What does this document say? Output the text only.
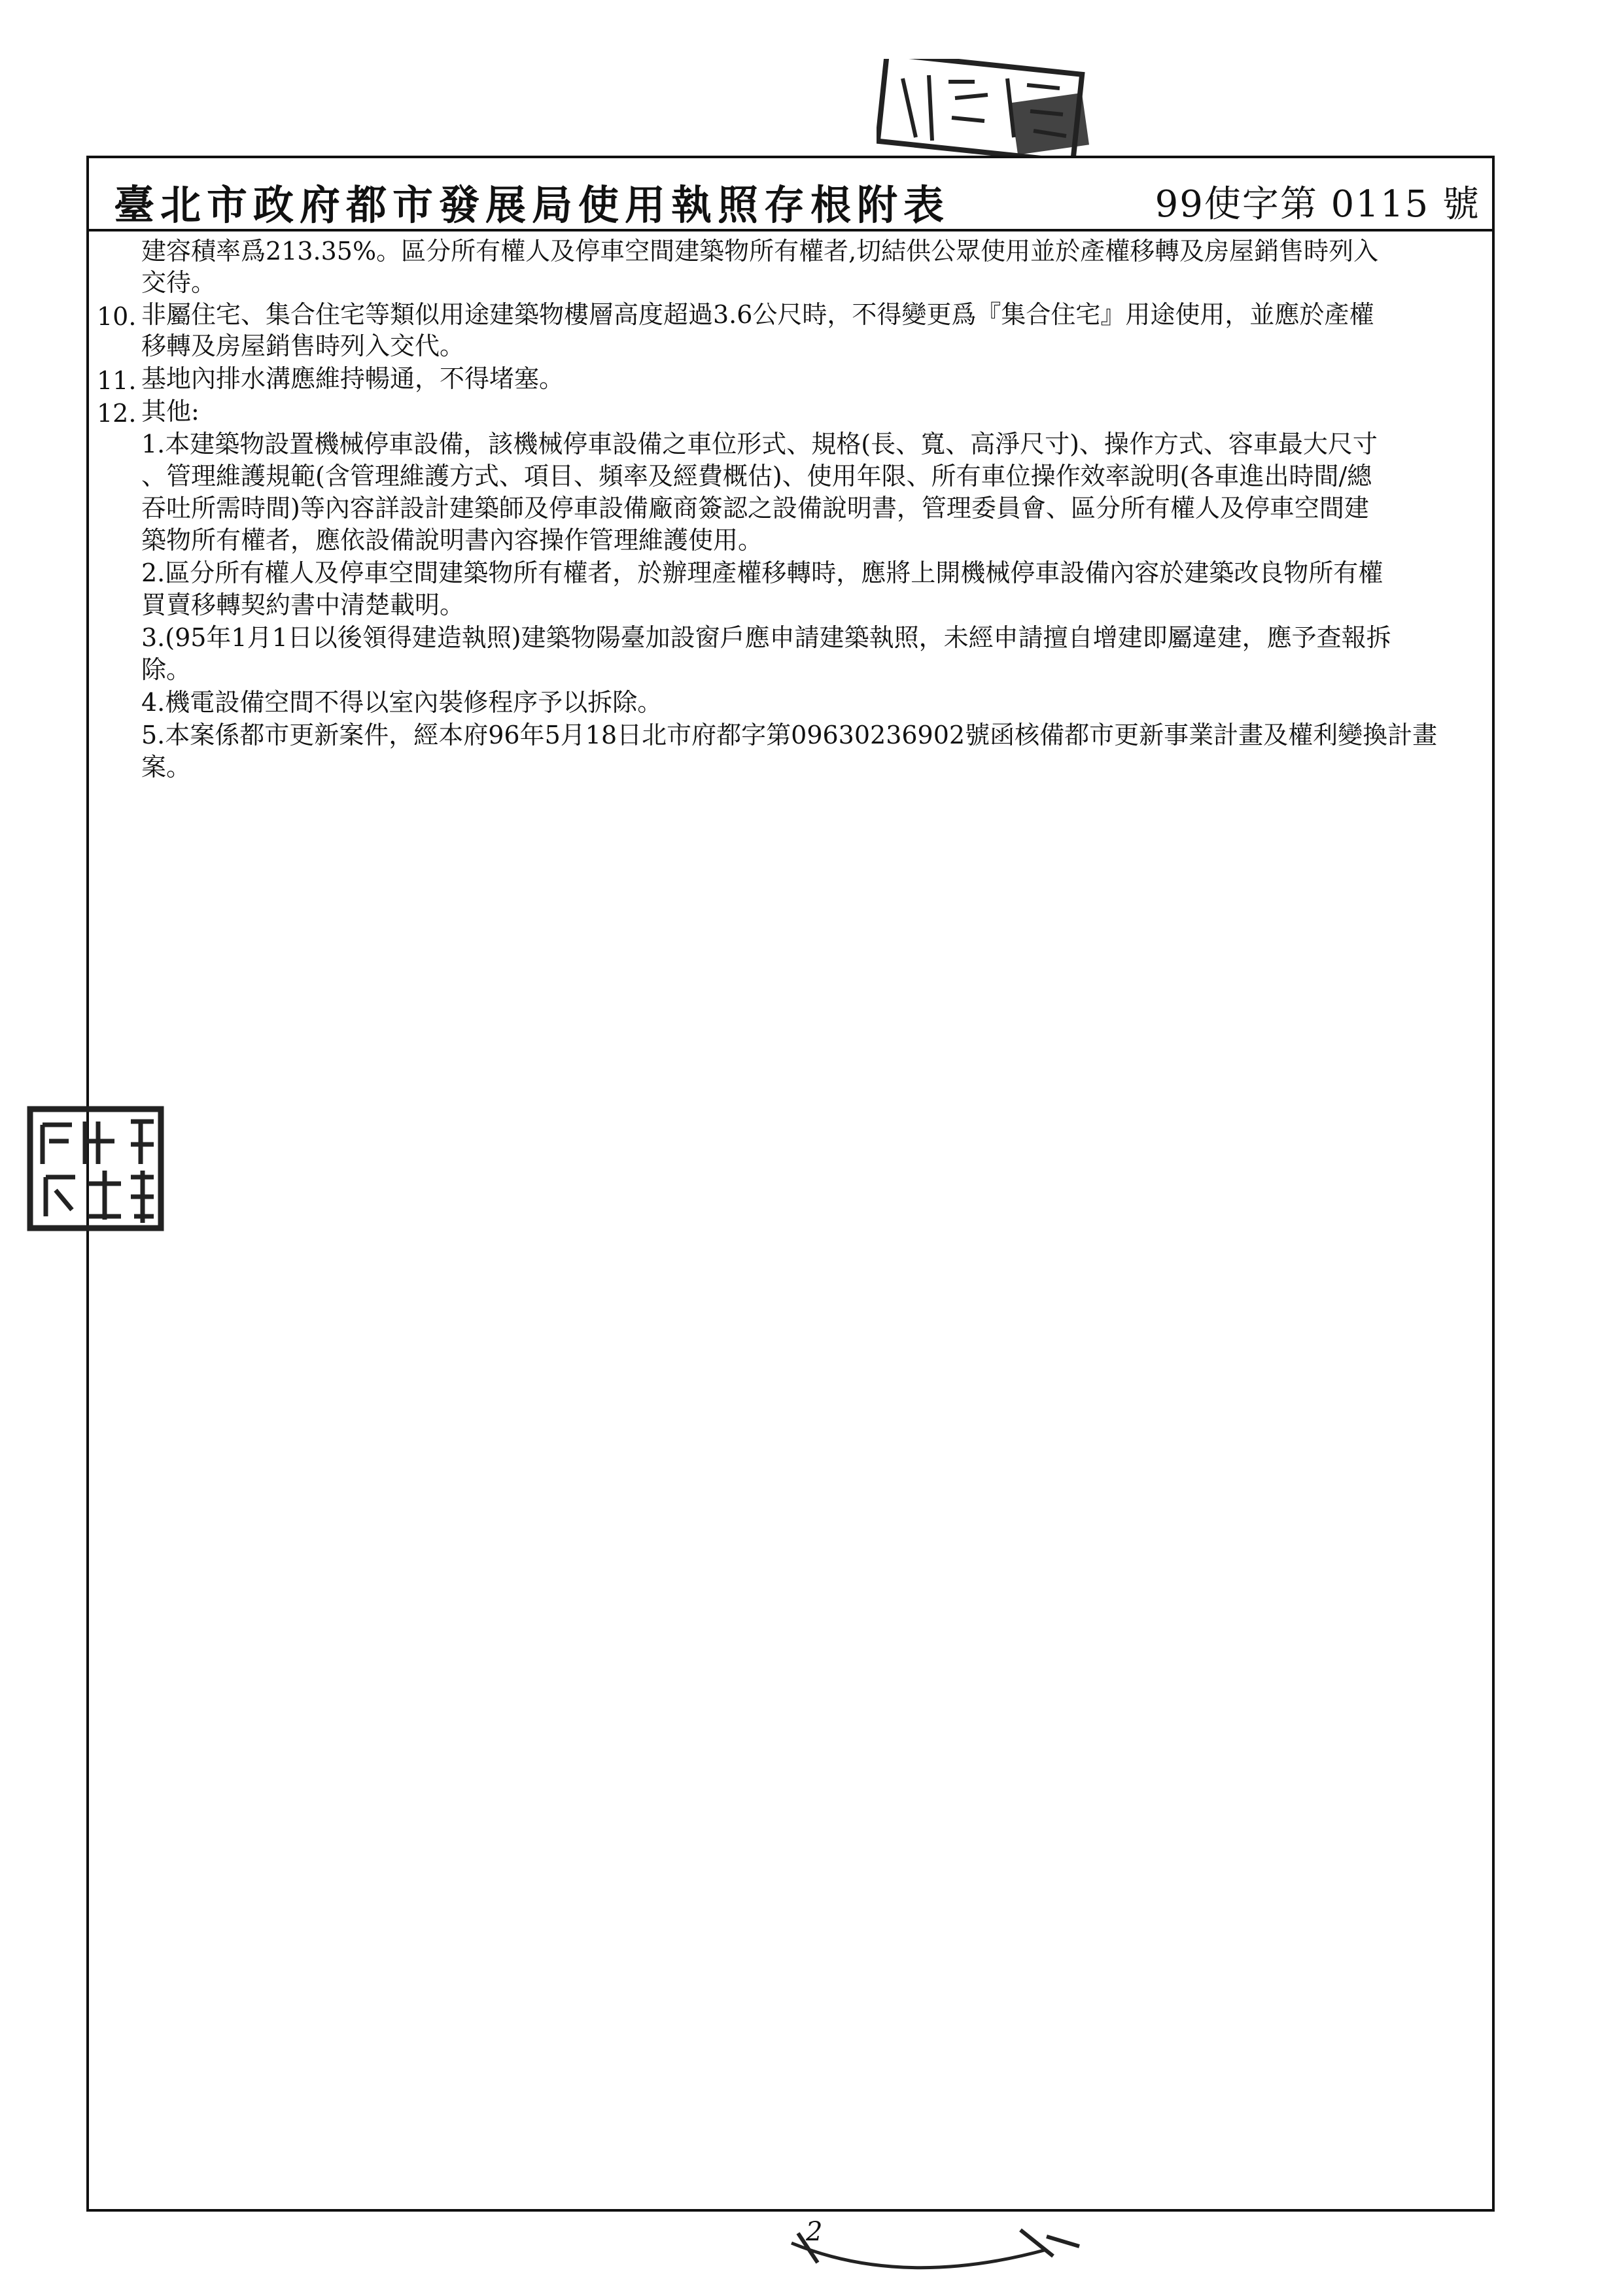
臺北市政府都市發展局使用執照存根附表	99使字第 0115 號
建容積率爲213.35%。區分所有權人及停車空間建築物所有權者,切結供公眾使用並於產權移轉及房屋銷售時列入
交待。
10. 非屬住宅、集合住宅等類似用途建築物樓層高度超過3.6公尺時，不得變更爲『集合住宅』用途使用，並應於產權
移轉及房屋銷售時列入交代。
11. 基地內排水溝應維持暢通，不得堵塞。
12. 其他:
1.本建築物設置機械停車設備，該機械停車設備之車位形式、規格(長、寬、高淨尺寸)、操作方式、容車最大尺寸
、管理維護規範(含管理維護方式、項目、頻率及經費概估)、使用年限、所有車位操作效率說明(各車進出時間/總
吞吐所需時間)等內容詳設計建築師及停車設備廠商簽認之設備說明書，管理委員會、區分所有權人及停車空間建
築物所有權者，應依設備說明書內容操作管理維護使用。
2.區分所有權人及停車空間建築物所有權者，於辦理產權移轉時，應將上開機械停車設備內容於建築改良物所有權
買賣移轉契約書中清楚載明。
3.(95年1月1日以後領得建造執照)建築物陽臺加設窗戶應申請建築執照，未經申請擅自增建即屬違建，應予查報拆
除。
4.機電設備空間不得以室內裝修程序予以拆除。
5.本案係都市更新案件，經本府96年5月18日北市府都字第09630236902號函核備都市更新事業計畫及權利變換計畫
案。
2
